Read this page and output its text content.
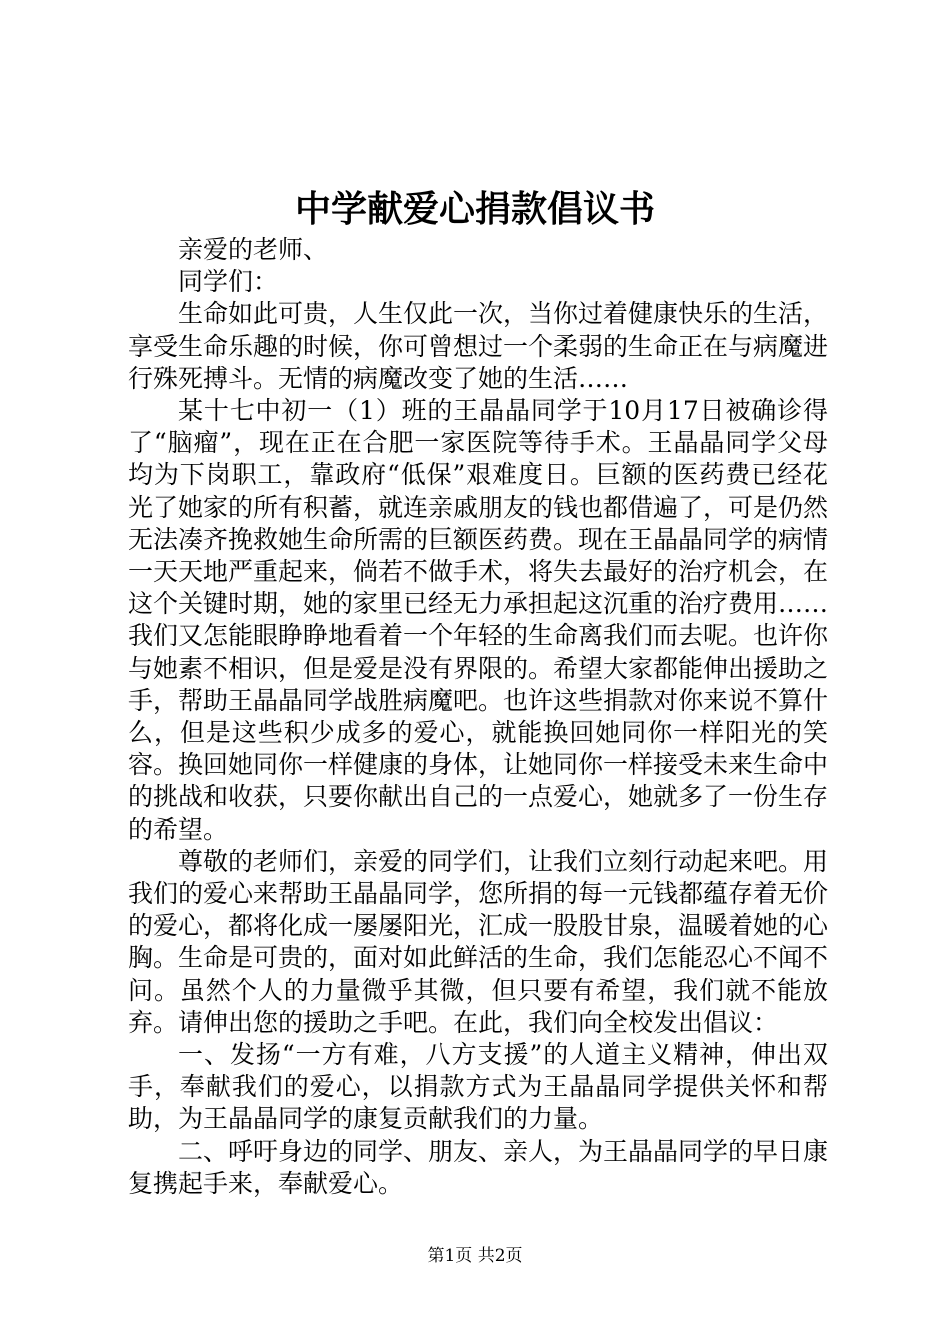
中学献爱心捐款倡议书

亲爱的老师、

同学们：

生命如此可贵，人生仅此一次，当你过着健康快乐的生活，享受生命乐趣的时候，你可曾想过一个柔弱的生命正在与病魔进行殊死搏斗。无情的病魔改变了她的生活……

某十七中初一（1）班的王晶晶同学于10月17日被确诊得了“脑瘤”，现在正在合肥一家医院等待手术。王晶晶同学父母均为下岗职工，靠政府“低保”艰难度日。巨额的医药费已经花光了她家的所有积蓄，就连亲戚朋友的钱也都借遍了，可是仍然无法凑齐挽救她生命所需的巨额医药费。现在王晶晶同学的病情一天天地严重起来，倘若不做手术，将失去最好的治疗机会，在这个关键时期，她的家里已经无力承担起这沉重的治疗费用……我们又怎能眼睁睁地看着一个年轻的生命离我们而去呢。也许你与她素不相识，但是爱是没有界限的。希望大家都能伸出援助之手，帮助王晶晶同学战胜病魔吧。也许这些捐款对你来说不算什么，但是这些积少成多的爱心，就能换回她同你一样阳光的笑容。换回她同你一样健康的身体，让她同你一样接受未来生命中的挑战和收获，只要你献出自己的一点爱心，她就多了一份生存的希望。

尊敬的老师们，亲爱的同学们，让我们立刻行动起来吧。用我们的爱心来帮助王晶晶同学，您所捐的每一元钱都蕴存着无价的爱心，都将化成一屡屡阳光，汇成一股股甘泉，温暖着她的心胸。生命是可贵的，面对如此鲜活的生命，我们怎能忍心不闻不问。虽然个人的力量微乎其微，但只要有希望，我们就不能放弃。请伸出您的援助之手吧。在此，我们向全校发出倡议：

一、发扬“一方有难，八方支援”的人道主义精神，伸出双手，奉献我们的爱心，以捐款方式为王晶晶同学提供关怀和帮助，为王晶晶同学的康复贡献我们的力量。

二、呼吁身边的同学、朋友、亲人，为王晶晶同学的早日康复携起手来，奉献爱心。

第1页 共2页
